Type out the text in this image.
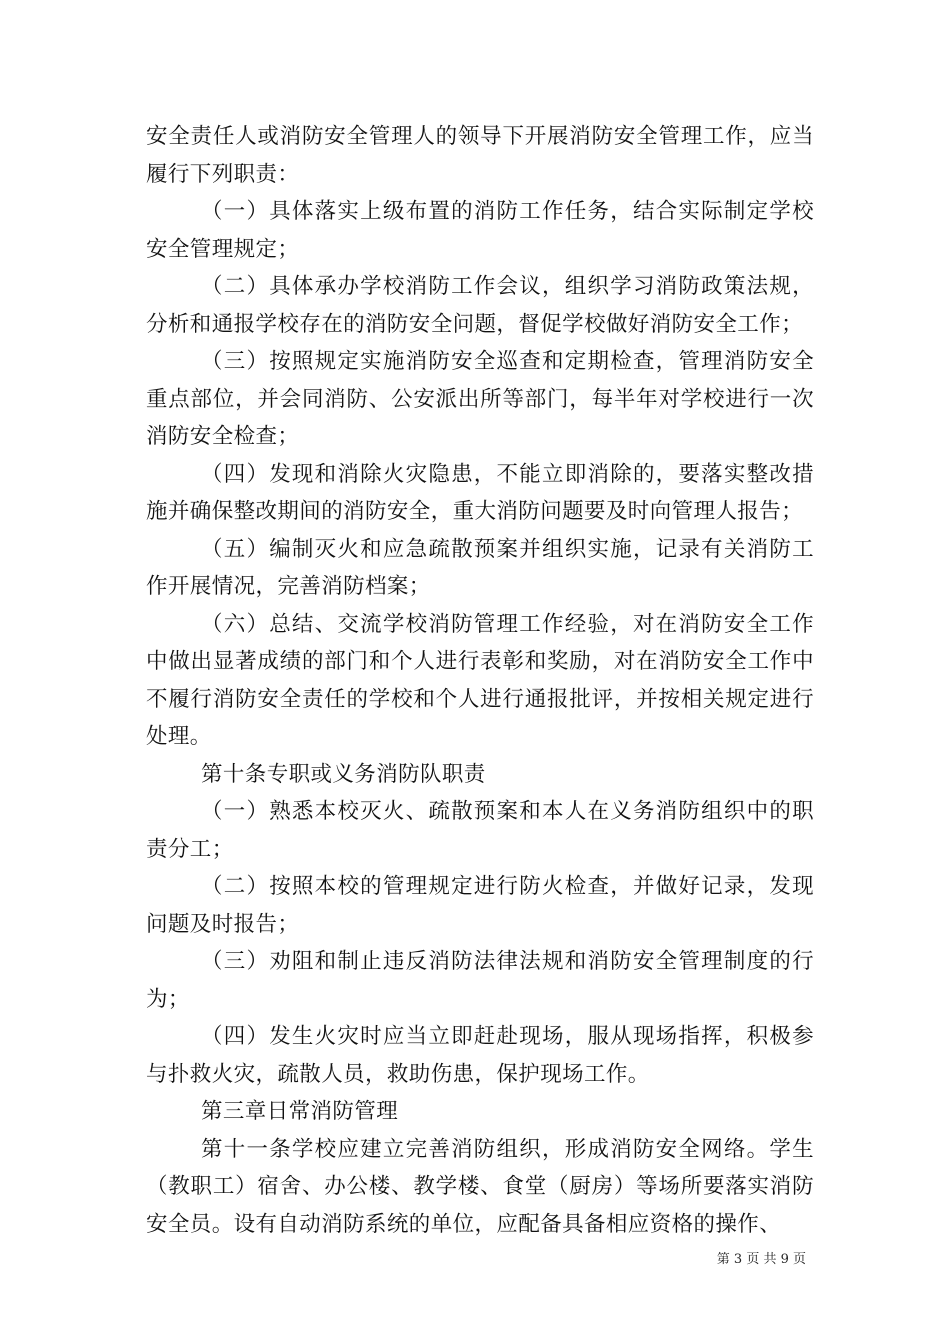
安全责任人或消防安全管理人的领导下开展消防安全管理工作，应当履行下列职责：

（一）具体落实上级布置的消防工作任务，结合实际制定学校安全管理规定；

（二）具体承办学校消防工作会议，组织学习消防政策法规，分析和通报学校存在的消防安全问题，督促学校做好消防安全工作；

（三）按照规定实施消防安全巡查和定期检查，管理消防安全重点部位，并会同消防、公安派出所等部门，每半年对学校进行一次消防安全检查；

（四）发现和消除火灾隐患，不能立即消除的，要落实整改措施并确保整改期间的消防安全，重大消防问题要及时向管理人报告；

（五）编制灭火和应急疏散预案并组织实施，记录有关消防工作开展情况，完善消防档案；

（六）总结、交流学校消防管理工作经验，对在消防安全工作中做出显著成绩的部门和个人进行表彰和奖励，对在消防安全工作中不履行消防安全责任的学校和个人进行通报批评，并按相关规定进行处理。

第十条专职或义务消防队职责

（一）熟悉本校灭火、疏散预案和本人在义务消防组织中的职责分工；

（二）按照本校的管理规定进行防火检查，并做好记录，发现问题及时报告；

（三）劝阻和制止违反消防法律法规和消防安全管理制度的行为；

（四）发生火灾时应当立即赶赴现场，服从现场指挥，积极参与扑救火灾，疏散人员，救助伤患，保护现场工作。

第三章日常消防管理

第十一条学校应建立完善消防组织，形成消防安全网络。学生（教职工）宿舍、办公楼、教学楼、食堂（厨房）等场所要落实消防安全员。设有自动消防系统的单位，应配备具备相应资格的操作、

第 3 页 共 9 页
